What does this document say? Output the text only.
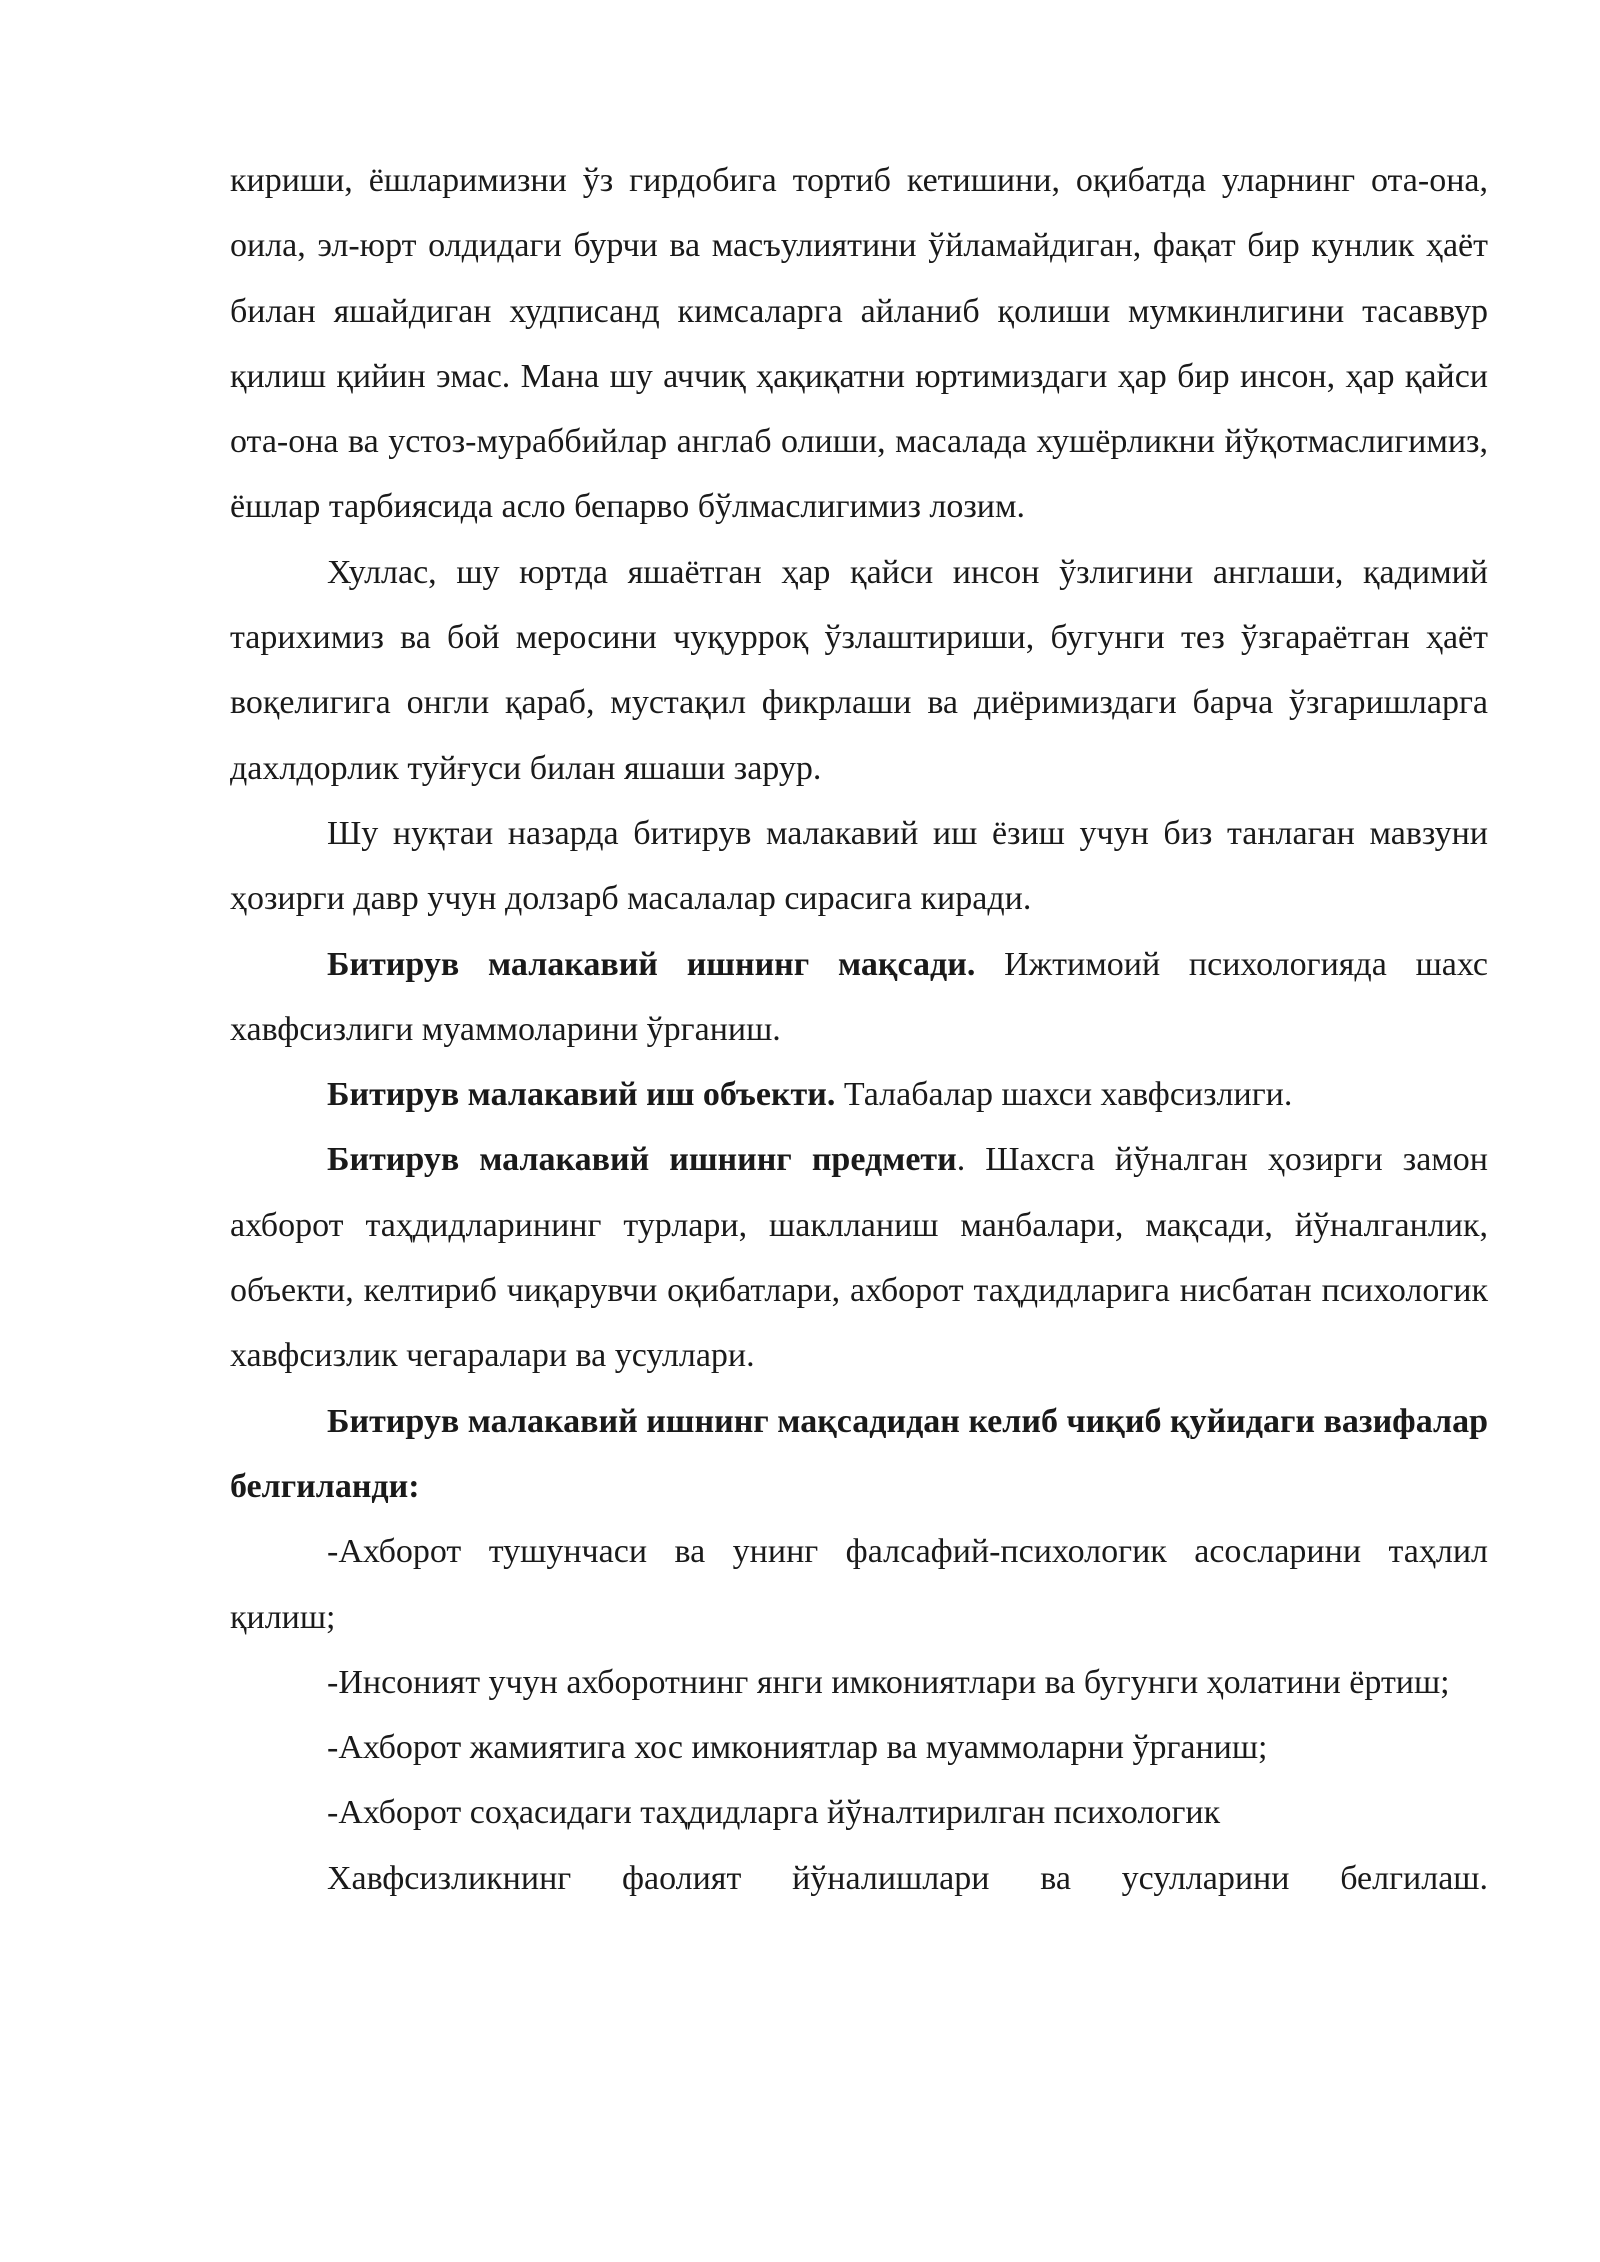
кириши, ёшларимизни ўз гирдобига тортиб кетишини, оқибатда уларнинг ота-она, оила, эл-юрт олдидаги бурчи ва масъулиятини ўйламайдиган, фақат бир кунлик ҳаёт билан яшайдиган худписанд кимсаларга айланиб қолиши мумкинлигини тасаввур қилиш қийин эмас. Мана шу аччиқ ҳақиқатни юртимиздаги ҳар бир инсон, ҳар қайси ота-она ва устоз-мураббийлар англаб олиши, масалада хушёрликни йўқотмаслигимиз, ёшлар тарбиясида асло бепарво бўлмаслигимиз лозим.

Хуллас, шу юртда яшаётган ҳар қайси инсон ўзлигини англаши, қадимий тарихимиз ва бой меросини чуқурроқ ўзлаштириши, бугунги тез ўзгараётган ҳаёт воқелигига онгли қараб, мустақил фикрлаши ва диёримиздаги барча ўзгаришларга дахлдорлик туйғуси билан яшаши зарур.

Шу нуқтаи назарда битирув малакавий иш ёзиш учун биз танлаган мавзуни ҳозирги давр учун долзарб масалалар сирасига киради.

Битирув малакавий ишнинг мақсади. Ижтимоий психологияда шахс хавфсизлиги муаммоларини ўрганиш.

Битирув малакавий иш объекти. Талабалар шахси хавфсизлиги.

Битирув малакавий ишнинг предмети. Шахсга йўналган ҳозирги замон ахборот таҳдидларининг турлари, шаклланиш манбалари, мақсади, йўналганлик, объекти, келтириб чиқарувчи оқибатлари, ахборот таҳдидларига нисбатан психологик хавфсизлик чегаралари ва усуллари.

Битирув малакавий ишнинг мақсадидан келиб чиқиб қуйидаги вазифалар белгиланди:

-Ахборот тушунчаси ва унинг фалсафий-психологик асосларини таҳлил қилиш;

-Инсоният учун ахборотнинг янги имкониятлари ва бугунги ҳолатини ёртиш;

-Ахборот жамиятига хос имкониятлар ва муаммоларни ўрганиш;

-Ахборот соҳасидаги таҳдидларга йўналтирилган психологик

Хавфсизликнинг фаолият йўналишлари ва усулларини белгилаш.
